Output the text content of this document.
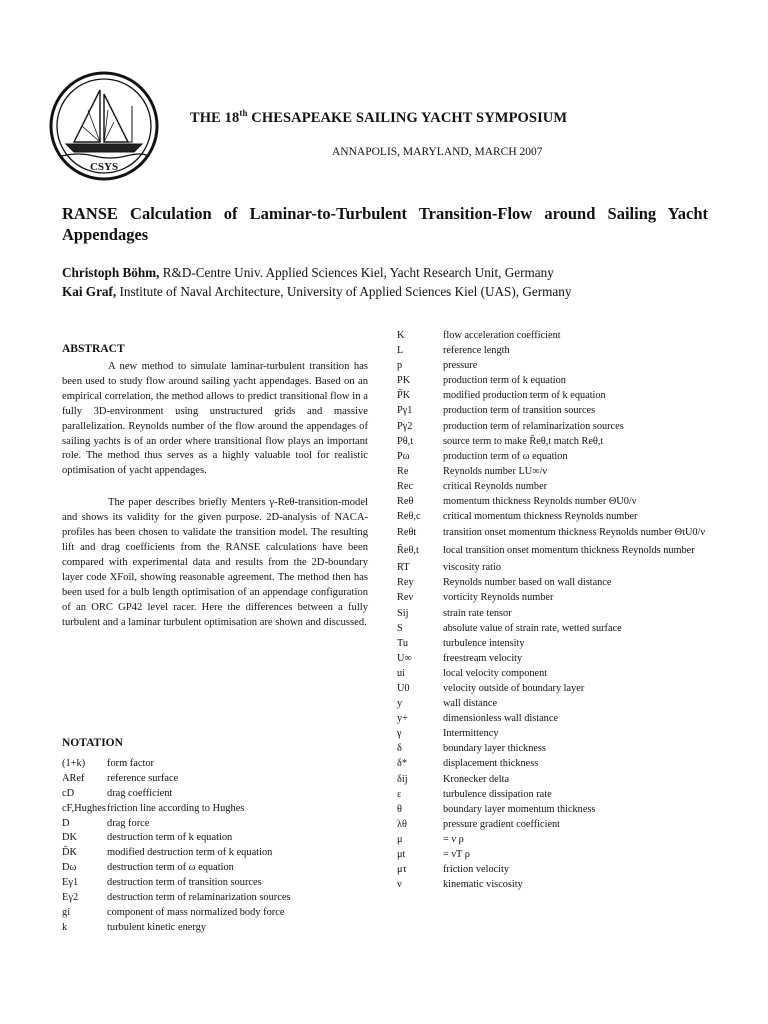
CSYS
THE 18th CHESAPEAKE SAILING YACHT SYMPOSIUM
ANNAPOLIS, MARYLAND, MARCH 2007
RANSE Calculation of Laminar-to-Turbulent Transition-Flow around Sailing Yacht Appendages
Christoph Böhm, R&D-Centre Univ. Applied Sciences Kiel, Yacht Research Unit, Germany
Kai Graf, Institute of Naval Architecture, University of Applied Sciences Kiel (UAS), Germany

ABSTRACT

A new method to simulate laminar-turbulent transition has been used to study flow around sailing yacht appendages. Based on an empirical correlation, the method allows to predict transitional flow in a fully 3D-environment using unstructured grids and massive parallelization. Reynolds number of the flow around the appendages of sailing yachts is of an order where transitional flow plays an important role. The method thus serves as a highly valuable tool for realistic optimisation of yacht appendages.

The paper describes briefly Menters γ-Reθ-transition-model and shows its validity for the given purpose. 2D-analysis of NACA-profiles has been chosen to validate the transition model. The resulting lift and drag coefficients from the RANSE calculations have been compared with experimental data and results from the 2D-boundary layer code XFoil, showing reasonable agreement. The method then has been used for a bulb length optimisation of an appendage configuration of an ORC GP42 level racer. Here the differences between a fully turbulent and a laminar turbulent optimisation are shown and discussed.

NOTATION

(1+k)	form factor
ARef	reference surface
cD	drag coefficient
cF,Hughes friction line according to Hughes
D	drag force
DK	destruction term of k equation
D̃K	modified destruction term of k equation
Dω	destruction term of ω equation
Eγ1	destruction term of transition sources
Eγ2	destruction term of relaminarization sources
gi	component of mass normalized body force
k	turbulent kinetic energy
K	flow acceleration coefficient
L	reference length
p	pressure
PK	production term of k equation
P̃K	modified production term of k equation
Pγ1	production term of transition sources
Pγ2	production term of relaminarization sources
Pθ,t	source term to make R̃eθ,t match Reθ,t
Pω	production term of ω equation
Re	Reynolds number LU∞/ν
Rec	critical Reynolds number
Reθ	momentum thickness Reynolds number ΘU0/ν
Reθ,c	critical momentum thickness Reynolds number
Reθt	transition onset momentum thickness Reynolds number ΘtU0/ν
R̃eθ,t	local transition onset momentum thickness Reynolds number
RT	viscosity ratio
Rey	Reynolds number based on wall distance
Reν	vorticity Reynolds number
Sij	strain rate tensor
S	absolute value of strain rate, wetted surface
Tu	turbulence intensity
U∞	freestream velocity
ui	local velocity component
U0	velocity outside of boundary layer
y	wall distance
y+	dimensionless wall distance
γ	Intermittency
δ	boundary layer thickness
δ*	displacement thickness
δij	Kronecker delta
ε	turbulence dissipation rate
θ	boundary layer momentum thickness
λθ	pressure gradient coefficient
μ	= ν ρ
μt	= νT ρ
μτ	friction velocity
ν	kinematic viscosity
